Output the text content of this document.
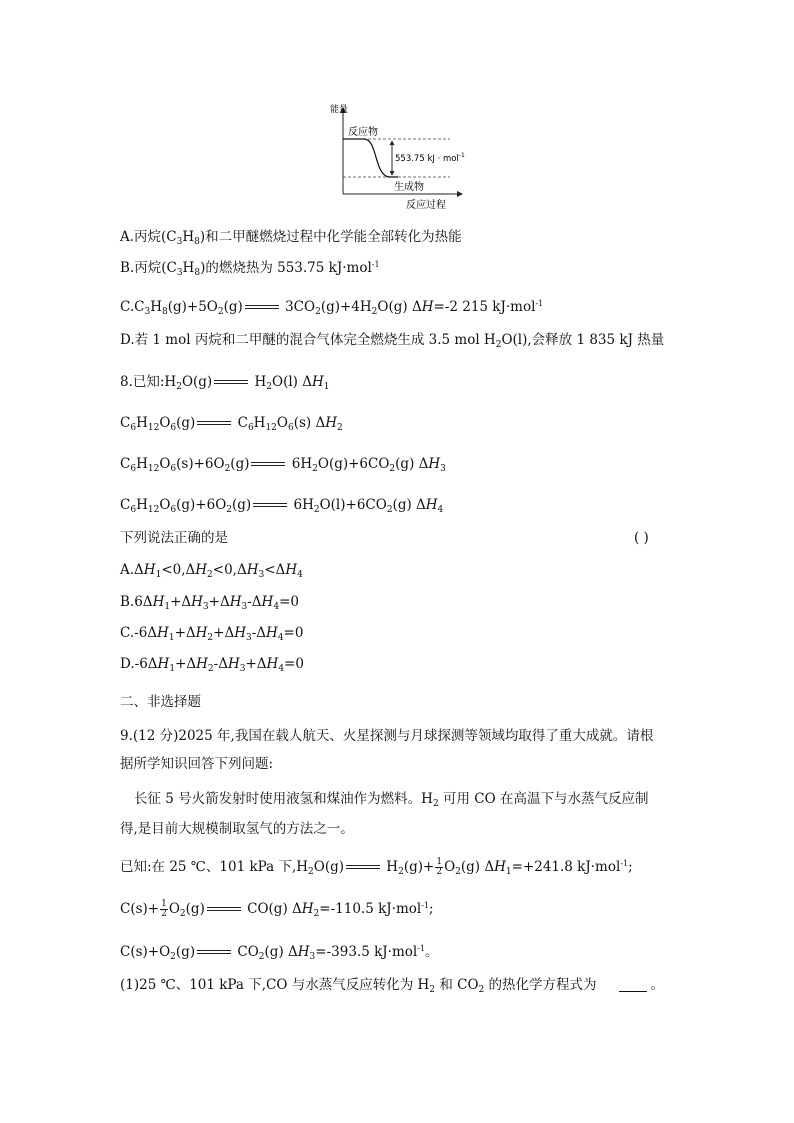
能量
反应物
生成物
553.75 kJ · mol$^{-1}$
反应过程
A.丙烷$(C_3H_8)$和二甲醚燃烧过程中化学能全部转化为热能
B.丙烷$(C_3H_8)$的燃烧热为 553.75 kJ·mol$^{-1}$
$C.C_3H_8(g)+5O_2(g)$	$3CO_2(g)+4H_2O(g)$ ΔH=-2 215 kJ·mol$^{-1}$
D.若 1 mol 丙烷和二甲醚的混合气体完全燃烧生成 3.5 mol $H_2O(l)$,会释放 1 835 kJ 热量
8.已知$:H_2O(g)$	$H_2O(l)$ $\Delta H_1$
$C_6H_{12}O_6(g)$	$C_6H_{12}O_6(s)$ $\Delta H_2$
$C_6H_{12}O_6(s)+6O_2(g)$	$6H_2O(g)+6CO_2(g)$ $\Delta H_3$
$C_6H_{12}O_6(g)+6O_2(g)$	$6H_2O(l)+6CO_2(g)$ $\Delta H_4$
下列说法正确的是	( )
$A.\Delta H_1<0,\Delta H_2<0,\Delta H_3<\Delta H_4$
$B.6\Delta H_1+\Delta H_3+\Delta H_3-\Delta H_4=0$
$C.-6\Delta H_1+\Delta H_2+\Delta H_3-\Delta H_4=0$
$D.-6\Delta H_1+\Delta H_2-\Delta H_3+\Delta H_4=0$
二、非选择题
9.(12 分)2025 年,我国在载人航天、火星探测与月球探测等领域均取得了重大成就。请根
据所学知识回答下列问题:
长征 5 号火箭发射时使用液氢和煤油作为燃料。$H_2$ 可用 CO 在高温下与水蒸气反应制
得,是目前大规模制取氢气的方法之一。
已知:在 25 ℃、101 kPa 下$,H_2O(g)$	$H_2(g)+ \frac{1}{2} O_2(g)$ $\Delta H_1=+241.8$ kJ·mol$^{-1}$;
$C(s)+ \frac{1}{2} O_2(g)$	CO(g) $\Delta H_2=-110.5$ kJ·mol$^{-1}$;
$C(s)+O_2(g)$	$CO_2(g)$ $\Delta H_3=-393.5$ kJ·mol$^{-1}$。
(1)25 ℃、101 kPa 下,CO 与水蒸气反应转化为 $H_2$ 和 $CO_2$ 的热化学方程式为	。
